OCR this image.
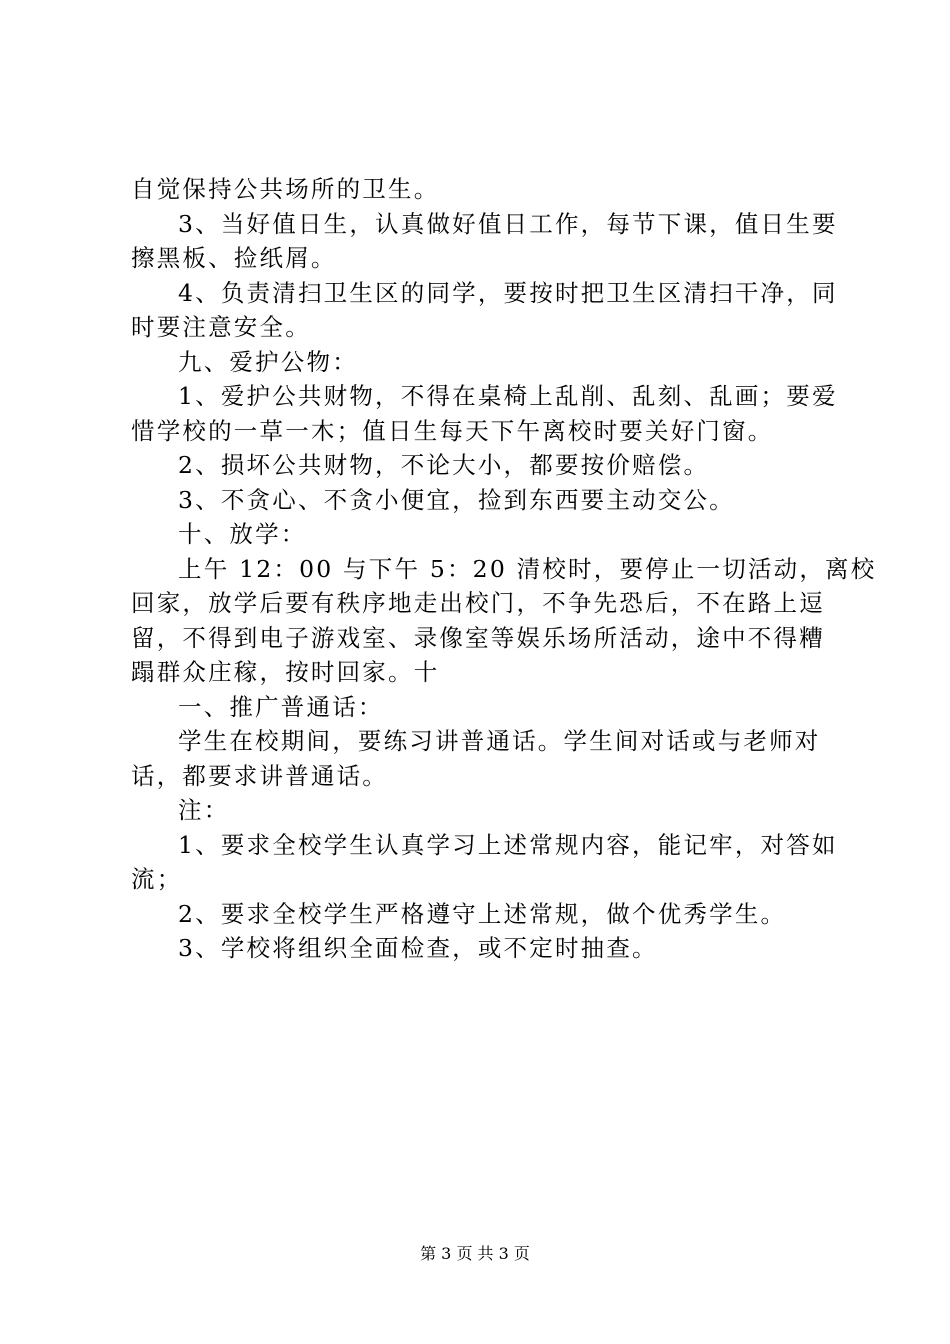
自觉保持公共场所的卫生。
3、当好值日生，认真做好值日工作，每节下课，值日生要
擦黑板、捡纸屑。
4、负责清扫卫生区的同学，要按时把卫生区清扫干净，同
时要注意安全。
九、爱护公物：
1、爱护公共财物，不得在桌椅上乱削、乱刻、乱画；要爱
惜学校的一草一木；值日生每天下午离校时要关好门窗。
2、损坏公共财物，不论大小，都要按价赔偿。
3、不贪心、不贪小便宜，捡到东西要主动交公。
十、放学：
上午 12：00 与下午 5：20 清校时，要停止一切活动，离校
回家，放学后要有秩序地走出校门，不争先恐后，不在路上逗
留，不得到电子游戏室、录像室等娱乐场所活动，途中不得糟
蹋群众庄稼，按时回家。十
一、推广普通话：
学生在校期间，要练习讲普通话。学生间对话或与老师对
话，都要求讲普通话。
注：
1、要求全校学生认真学习上述常规内容，能记牢，对答如
流；
2、要求全校学生严格遵守上述常规，做个优秀学生。
3、学校将组织全面检查，或不定时抽查。
第 3 页 共 3 页
